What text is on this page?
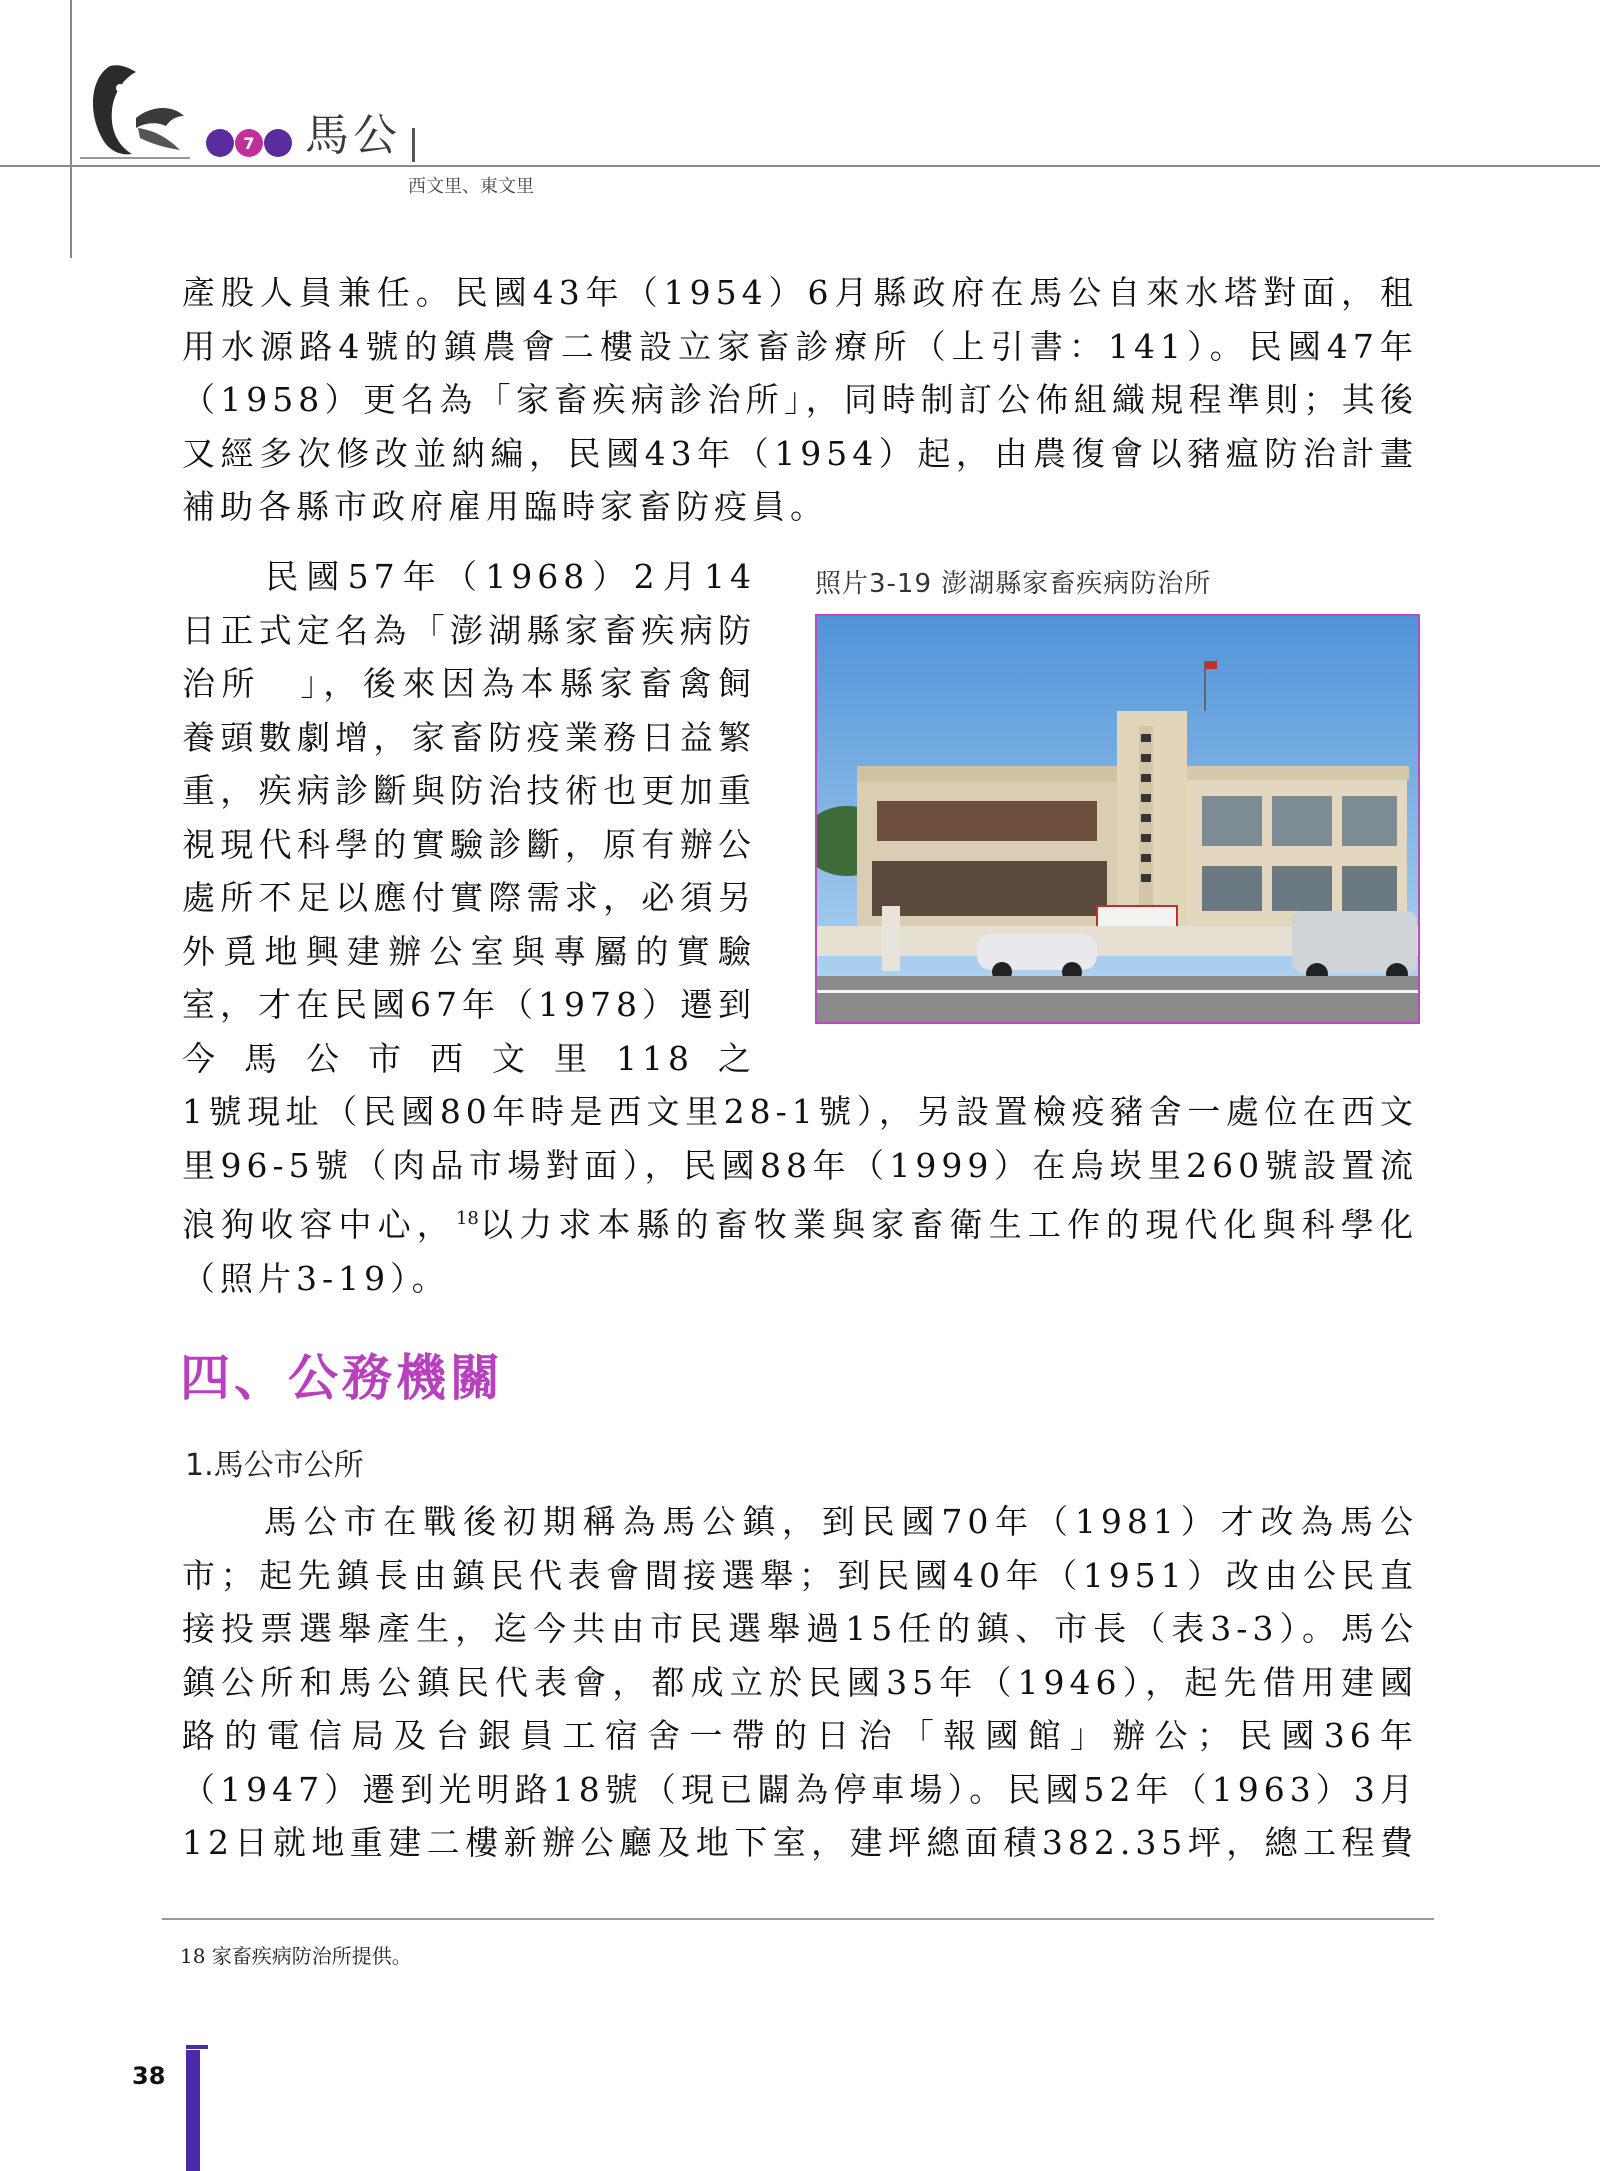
7 馬公
西文里、東文里

產股人員兼任。民國43年（1954）6月縣政府在馬公自來水塔對面，租用水源路4號的鎮農會二樓設立家畜診療所（上引書：141）。民國47年（1958）更名為「家畜疾病診治所」，同時制訂公佈組織規程準則；其後又經多次修改並納編，民國43年（1954）起，由農復會以豬瘟防治計畫補助各縣市政府雇用臨時家畜防疫員。

民國57年（1968）2月14日正式定名為「澎湖縣家畜疾病防治所　」，後來因為本縣家畜禽飼養頭數劇增，家畜防疫業務日益繁重，疾病診斷與防治技術也更加重視現代科學的實驗診斷，原有辦公處所不足以應付實際需求，必須另外覓地興建辦公室與專屬的實驗室，才在民國67年（1978）遷到今馬公市西文里118之

照片3-19 澎湖縣家畜疾病防治所

1號現址（民國80年時是西文里28-1號），另設置檢疫豬舍一處位在西文里96-5號（肉品市場對面），民國88年（1999）在烏崁里260號設置流浪狗收容中心，$^{18}$以力求本縣的畜牧業與家畜衛生工作的現代化與科學化（照片3-19）。

四、公務機關
1.馬公市公所

馬公市在戰後初期稱為馬公鎮，到民國70年（1981）才改為馬公市；起先鎮長由鎮民代表會間接選舉；到民國40年（1951）改由公民直接投票選舉產生，迄今共由市民選舉過15任的鎮、市長（表3-3）。馬公鎮公所和馬公鎮民代表會，都成立於民國35年（1946），起先借用建國路的電信局及台銀員工宿舍一帶的日治「報國館」辦公；民國36年（1947）遷到光明路18號（現已闢為停車場）。民國52年（1963）3月12日就地重建二樓新辦公廳及地下室，建坪總面積382.35坪，總工程費

18 家畜疾病防治所提供。
38
